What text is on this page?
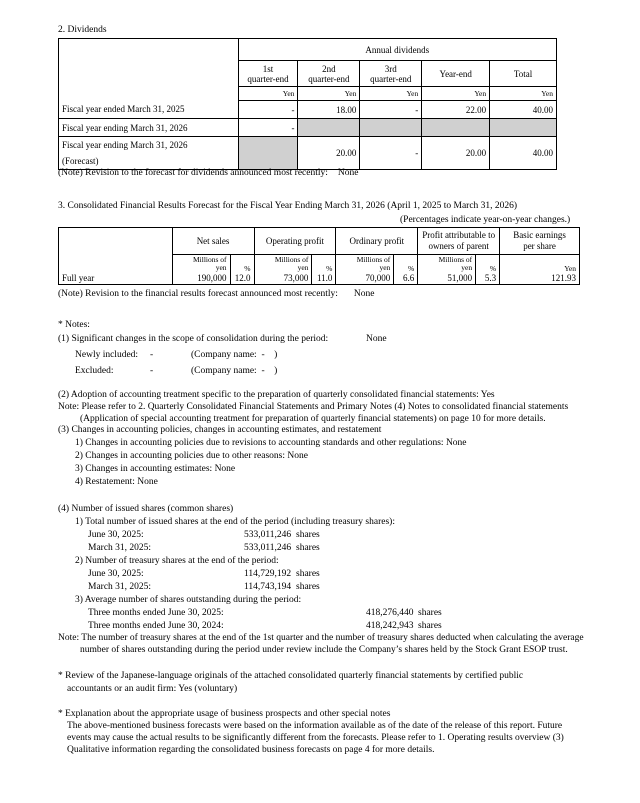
2. Dividends
	Annual dividends				
	1st
quarter-end	2nd
quarter-end	3rd
quarter-end	Year-end	Total
	Yen	Yen	Yen	Yen	Yen
Fiscal year ended March 31, 2025	-	18.00	-	22.00	40.00
Fiscal year ending March 31, 2026	-				
Fiscal year ending March 31, 2026
(Forecast)		20.00	-	20.00	40.00
(Note) Revision to the forecast for dividends announced most recently: None
3. Consolidated Financial Results Forecast for the Fiscal Year Ending March 31, 2026 (April 1, 2025 to March 31, 2026)
(Percentages indicate year-on-year changes.)
	Net sales		Operating profit		Ordinary profit		Profit attributable to
owners of parent		Basic earnings
per share
	Millions of
yen	%	Millions of
yen	%	Millions of
yen	%	Millions of
yen	%	Yen
Full year	190,000	12.0	73,000	11.0	70,000	6.6	51,000	5.3	121.93
(Note) Revision to the financial results forecast announced most recently: None
* Notes:
(1) Significant changes in the scope of consolidation during the period:	None
Newly included: -	(Company name:  -    )
Excluded:	-	(Company name:  -    )
(2) Adoption of accounting treatment specific to the preparation of quarterly consolidated financial statements: Yes
Note: Please refer to 2. Quarterly Consolidated Financial Statements and Primary Notes (4) Notes to consolidated financial statements
(Application of special accounting treatment for preparation of quarterly financial statements) on page 10 for more details.
(3) Changes in accounting policies, changes in accounting estimates, and restatement
1) Changes in accounting policies due to revisions to accounting standards and other regulations: None
2) Changes in accounting policies due to other reasons: None
3) Changes in accounting estimates: None
4) Restatement: None
(4) Number of issued shares (common shares)
1) Total number of issued shares at the end of the period (including treasury shares):
June 30, 2025:	533,011,246 shares
March 31, 2025:	533,011,246 shares
2) Number of treasury shares at the end of the period:
June 30, 2025:	114,729,192 shares
March 31, 2025:	114,743,194 shares
3) Average number of shares outstanding during the period:
Three months ended June 30, 2025:	418,276,440 shares
Three months ended June 30, 2024:	418,242,943 shares
Note: The number of treasury shares at the end of the 1st quarter and the number of treasury shares deducted when calculating the average
number of shares outstanding during the period under review include the Company’s shares held by the Stock Grant ESOP trust.
* Review of the Japanese-language originals of the attached consolidated quarterly financial statements by certified public
accountants or an audit firm: Yes (voluntary)
* Explanation about the appropriate usage of business prospects and other special notes
The above-mentioned business forecasts were based on the information available as of the date of the release of this report. Future
events may cause the actual results to be significantly different from the forecasts. Please refer to 1. Operating results overview (3)
Qualitative information regarding the consolidated business forecasts on page 4 for more details.
